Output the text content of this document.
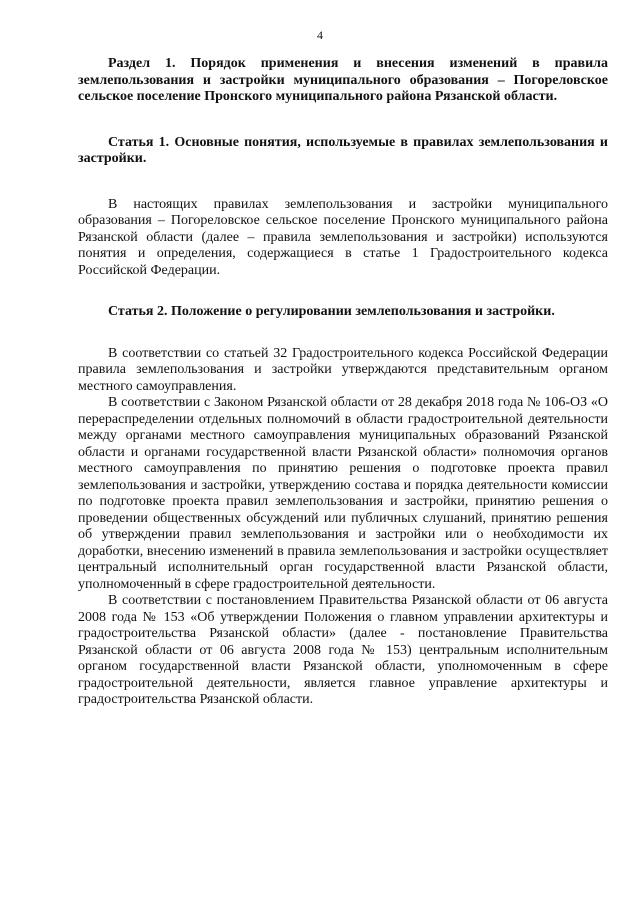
4

Раздел 1. Порядок применения и внесения изменений в правила землепользования и застройки муниципального образования – Погореловское сельское поселение Пронского муниципального района Рязанской области.

Статья 1. Основные понятия, используемые в правилах землепользования и застройки.

В настоящих правилах землепользования и застройки муниципального образования – Погореловское сельское поселение Пронского муниципального района Рязанской области (далее – правила землепользования и застройки) используются понятия и определения, содержащиеся в статье 1 Градостроительного кодекса Российской Федерации.

Статья 2. Положение о регулировании землепользования и застройки.

В соответствии со статьей 32 Градостроительного кодекса Российской Федерации правила землепользования и застройки утверждаются представительным органом местного самоуправления.

В соответствии с Законом Рязанской области от 28 декабря 2018 года № 106-ОЗ «О перераспределении отдельных полномочий в области градостроительной деятельности между органами местного самоуправления муниципальных образований Рязанской области и органами государственной власти Рязанской области» полномочия органов местного самоуправления по принятию решения о подготовке проекта правил землепользования и застройки, утверждению состава и порядка деятельности комиссии по подготовке проекта правил землепользования и застройки, принятию решения о проведении общественных обсуждений или публичных слушаний, принятию решения об утверждении правил землепользования и застройки или о необходимости их доработки, внесению изменений в правила землепользования и застройки осуществляет центральный исполнительный орган государственной власти Рязанской области, уполномоченный в сфере градостроительной деятельности.

В соответствии с постановлением Правительства Рязанской области от 06 августа 2008 года № 153 «Об утверждении Положения о главном управлении архитектуры и градостроительства Рязанской области» (далее - постановление Правительства Рязанской области от 06 августа 2008 года № 153) центральным исполнительным органом государственной власти Рязанской области, уполномоченным в сфере градостроительной деятельности, является главное управление архитектуры и градостроительства Рязанской области.
